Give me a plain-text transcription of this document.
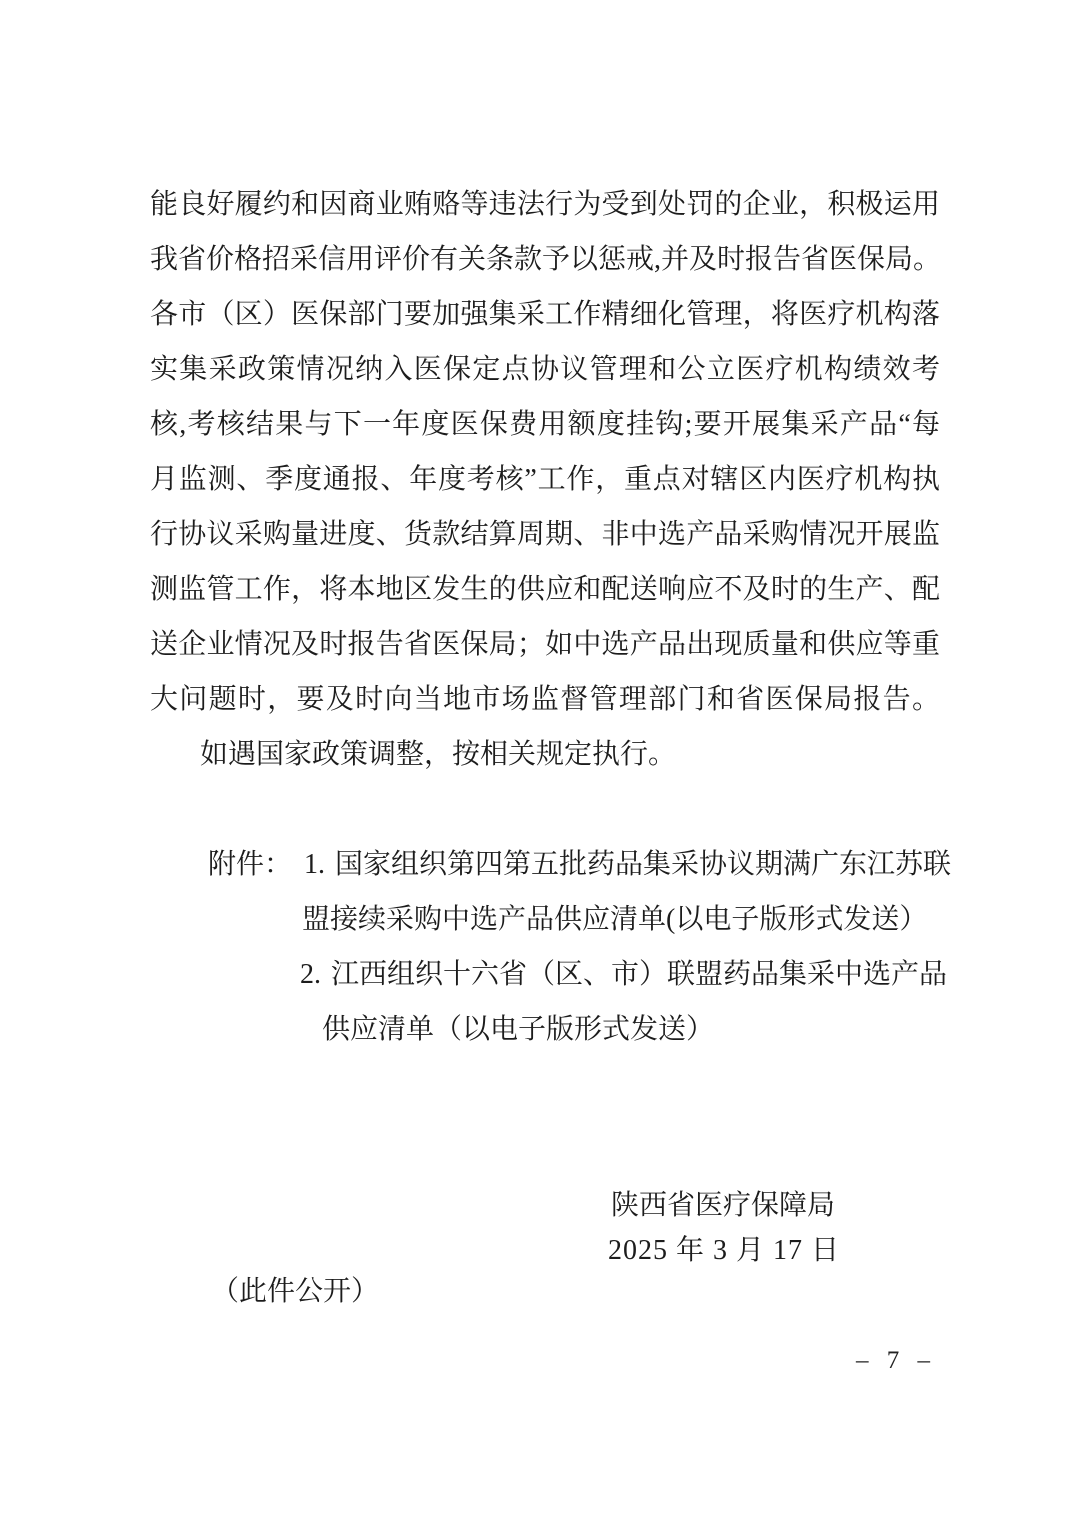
能良好履约和因商业贿赂等违法行为受到处罚的企业，积极运用
我省价格招采信用评价有关条款予以惩戒,并及时报告省医保局。
各市（区）医保部门要加强集采工作精细化管理，将医疗机构落
实集采政策情况纳入医保定点协议管理和公立医疗机构绩效考
核,考核结果与下一年度医保费用额度挂钩;要开展集采产品“每
月监测、季度通报、年度考核”工作，重点对辖区内医疗机构执
行协议采购量进度、货款结算周期、非中选产品采购情况开展监
测监管工作，将本地区发生的供应和配送响应不及时的生产、配
送企业情况及时报告省医保局；如中选产品出现质量和供应等重
大问题时，要及时向当地市场监督管理部门和省医保局报告。
如遇国家政策调整，按相关规定执行。
附件： 1. 国家组织第四第五批药品集采协议期满广东江苏联
盟接续采购中选产品供应清单(以电子版形式发送）
2. 江西组织十六省（区、市）联盟药品集采中选产品
供应清单（以电子版形式发送）
陕西省医疗保障局
2025 年 3 月 17 日
（此件公开）
– 7 –
